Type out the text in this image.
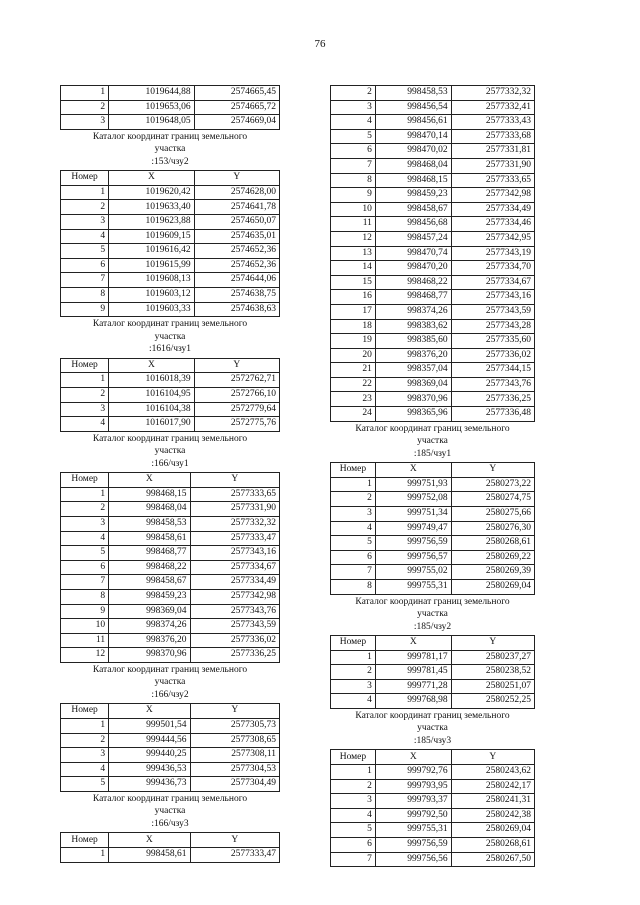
76
1	1019644,88	2574665,45
2	1019653,06	2574665,72
3	1019648,05	2574669,04
Каталог координат границ земельного
участка
:153/чзу2
Номер	X	Y
1	1019620,42	2574628,00
2	1019633,40	2574641,78
3	1019623,88	2574650,07
4	1019609,15	2574635,01
5	1019616,42	2574652,36
6	1019615,99	2574652,36
7	1019608,13	2574644,06
8	1019603,12	2574638,75
9	1019603,33	2574638,63
Каталог координат границ земельного
участка
:1616/чзу1
Номер	X	Y
1	1016018,39	2572762,71
2	1016104,95	2572766,10
3	1016104,38	2572779,64
4	1016017,90	2572775,76
Каталог координат границ земельного
участка
:166/чзу1
Номер	X	Y
1	998468,15	2577333,65
2	998468,04	2577331,90
3	998458,53	2577332,32
4	998458,61	2577333,47
5	998468,77	2577343,16
6	998468,22	2577334,67
7	998458,67	2577334,49
8	998459,23	2577342,98
9	998369,04	2577343,76
10	998374,26	2577343,59
11	998376,20	2577336,02
12	998370,96	2577336,25
Каталог координат границ земельного
участка
:166/чзу2
Номер	X	Y
1	999501,54	2577305,73
2	999444,56	2577308,65
3	999440,25	2577308,11
4	999436,53	2577304,53
5	999436,73	2577304,49
Каталог координат границ земельного
участка
:166/чзу3
Номер	X	Y
1	998458,61	2577333,47
2	998458,53	2577332,32
3	998456,54	2577332,41
4	998456,61	2577333,43
5	998470,14	2577333,68
6	998470,02	2577331,81
7	998468,04	2577331,90
8	998468,15	2577333,65
9	998459,23	2577342,98
10	998458,67	2577334,49
11	998456,68	2577334,46
12	998457,24	2577342,95
13	998470,74	2577343,19
14	998470,20	2577334,70
15	998468,22	2577334,67
16	998468,77	2577343,16
17	998374,26	2577343,59
18	998383,62	2577343,28
19	998385,60	2577335,60
20	998376,20	2577336,02
21	998357,04	2577344,15
22	998369,04	2577343,76
23	998370,96	2577336,25
24	998365,96	2577336,48
Каталог координат границ земельного
участка
:185/чзу1
Номер	X	Y
1	999751,93	2580273,22
2	999752,08	2580274,75
3	999751,34	2580275,66
4	999749,47	2580276,30
5	999756,59	2580268,61
6	999756,57	2580269,22
7	999755,02	2580269,39
8	999755,31	2580269,04
Каталог координат границ земельного
участка
:185/чзу2
Номер	X	Y
1	999781,17	2580237,27
2	999781,45	2580238,52
3	999771,28	2580251,07
4	999768,98	2580252,25
Каталог координат границ земельного
участка
:185/чзу3
Номер	X	Y
1	999792,76	2580243,62
2	999793,95	2580242,17
3	999793,37	2580241,31
4	999792,50	2580242,38
5	999755,31	2580269,04
6	999756,59	2580268,61
7	999756,56	2580267,50
